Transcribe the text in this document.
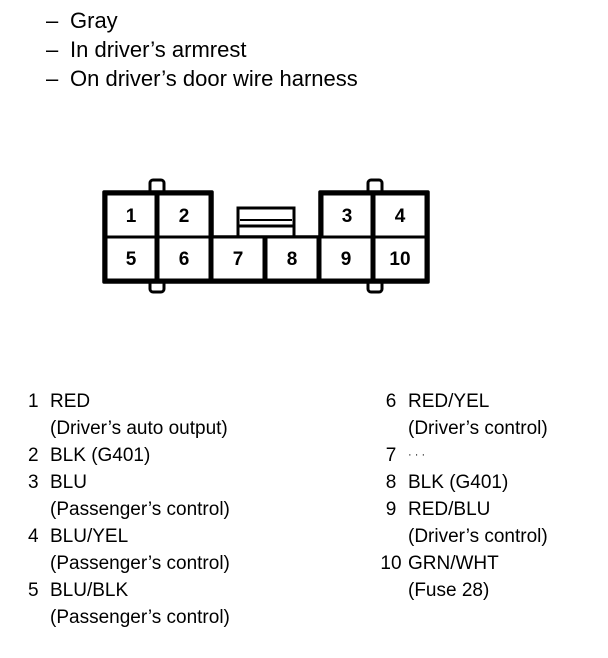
– Gray
– In driver’s armrest
– On driver’s door wire harness
1 2	3 4
5 6 7 8 9 10
1 RED
(Driver’s auto output)
2 BLK (G401)
3 BLU
(Passenger’s control)
4 BLU/YEL
(Passenger’s control)
5 BLU/BLK
(Passenger’s control)
6 RED/YEL
(Driver’s control)
7	· · ·
8 BLK (G401)
9 RED/BLU
(Driver’s control)
10 GRN/WHT
(Fuse 28)
